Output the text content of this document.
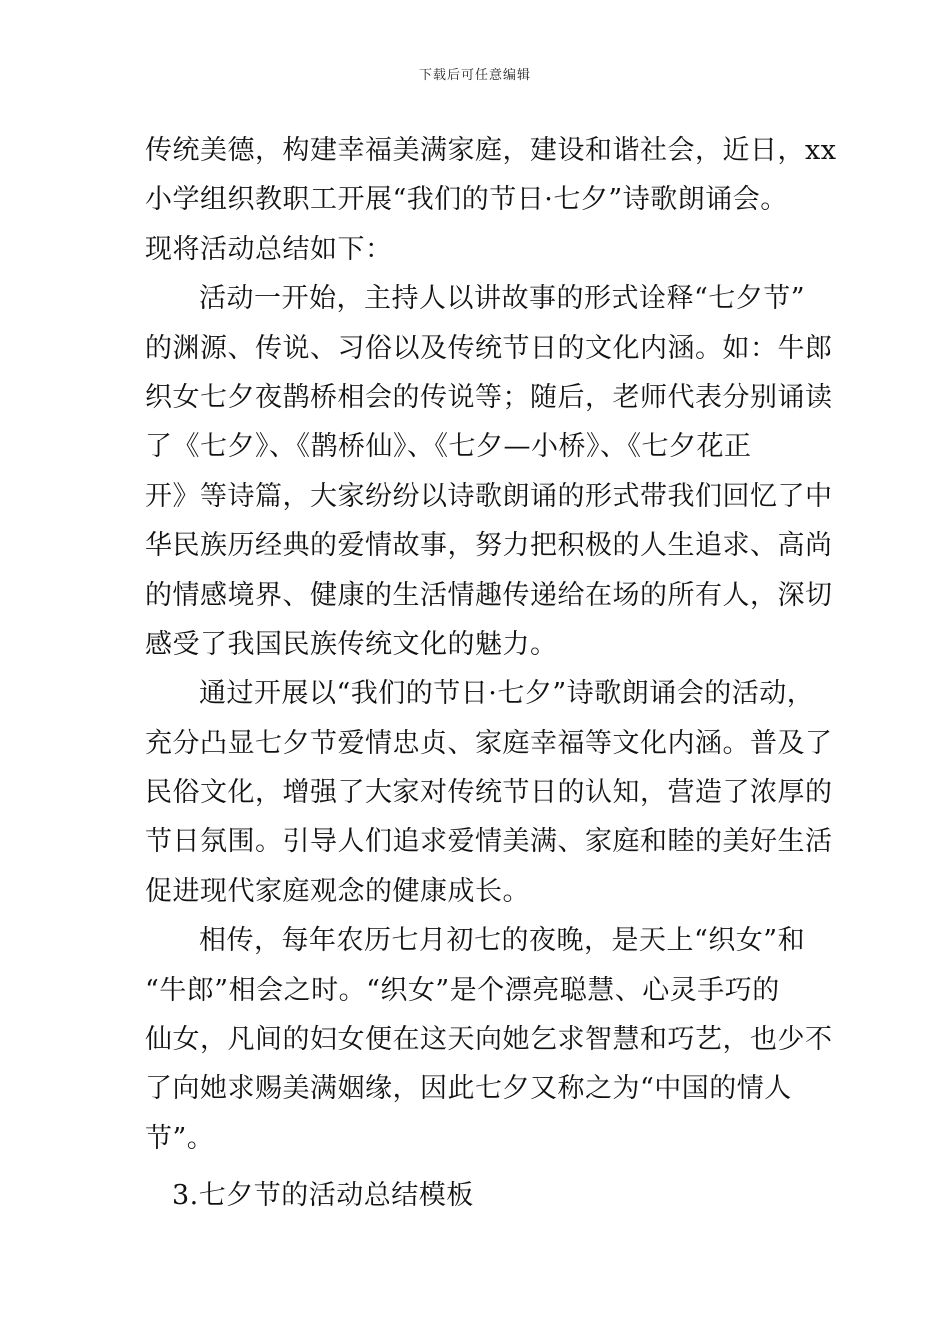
下载后可任意编辑
传统美德，构建幸福美满家庭，建设和谐社会，近日，xx
小学组织教职工开展“我们的节日·七夕”诗歌朗诵会。
现将活动总结如下：
活动一开始，主持人以讲故事的形式诠释“七夕节”
的渊源、传说、习俗以及传统节日的文化内涵。如：牛郎
织女七夕夜鹊桥相会的传说等；随后，老师代表分别诵读
了《七夕》、《鹊桥仙》、《七夕—小桥》、《七夕花正
开》等诗篇，大家纷纷以诗歌朗诵的形式带我们回忆了中
华民族历经典的爱情故事，努力把积极的人生追求、高尚
的情感境界、健康的生活情趣传递给在场的所有人，深切
感受了我国民族传统文化的魅力。
通过开展以“我们的节日·七夕”诗歌朗诵会的活动，
充分凸显七夕节爱情忠贞、家庭幸福等文化内涵。普及了
民俗文化，增强了大家对传统节日的认知，营造了浓厚的
节日氛围。引导人们追求爱情美满、家庭和睦的美好生活
促进现代家庭观念的健康成长。
相传，每年农历七月初七的夜晚，是天上“织女”和
“牛郎”相会之时。“织女”是个漂亮聪慧、心灵手巧的
仙女，凡间的妇女便在这天向她乞求智慧和巧艺，也少不
了向她求赐美满姻缘，因此七夕又称之为“中国的情人
节”。
3.七夕节的活动总结模板
